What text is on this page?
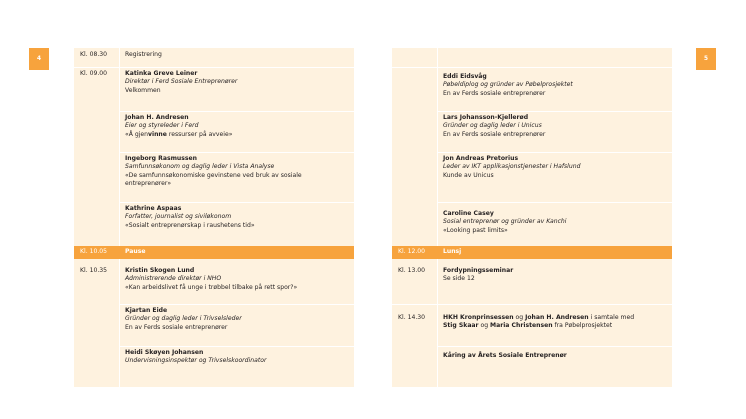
4	5
Kl. 08.30	Registrering
Kl. 09.00	Katinka Greve Leiner
Direktør i Ferd Sosiale Entreprenører
Velkommen
Johan H. Andresen
Eier og styreleder i Ferd
«Å gjenvinne ressurser på avveie»
Ingeborg Rasmussen
Samfunnsøkonom og daglig leder i Vista Analyse
«De samfunnsøkonomiske gevinstene ved bruk av sosiale entreprenører»
Kathrine Aspaas
Forfatter, journalist og siviløkonom
«Sosialt entreprenørskap i raushetens tid»
Kl. 10.05	Pause
Kl. 10.35	Kristin Skogen Lund
Administrerende direktør i NHO
«Kan arbeidslivet få unge i trøbbel tilbake på rett spor?»
Kjartan Eide
Gründer og daglig leder i Trivselsleder
En av Ferds sosiale entreprenører
Heidi Skøyen Johansen
Undervisningsinspektør og Trivselskoordinator
Eddi Eidsvåg
Pøbeldiplog og gründer av Pøbelprosjektet
En av Ferds sosiale entreprenører
Lars Johansson-Kjellerød
Gründer og daglig leder i Unicus
En av Ferds sosiale entreprenører
Jon Andreas Pretorius
Leder av IKT applikasjonstjenester i Hafslund
Kunde av Unicus
Caroline Casey
Sosial entreprenør og gründer av Kanchi
«Looking past limits»
Kl. 12.00	Lunsj
Kl. 13.00	Fordypningsseminar
Se side 12
Kl. 14.30	HKH Kronprinsessen og Johan H. Andresen i samtale med
Stig Skaar og Maria Christensen fra Pøbelprosjektet
Kåring av Årets Sosiale Entreprenør
